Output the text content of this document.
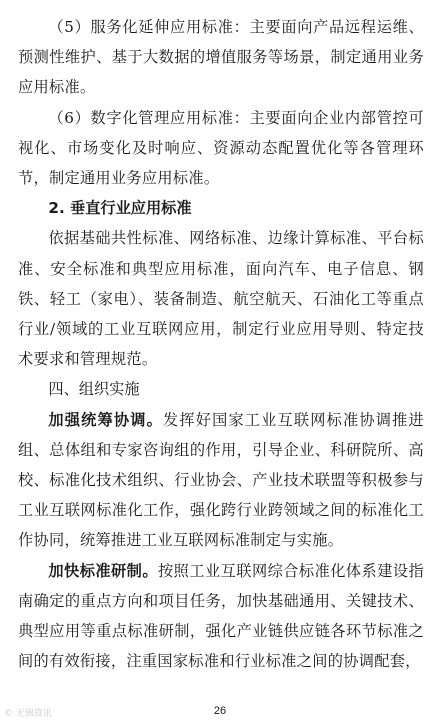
（5）服务化延伸应用标准：主要面向产品远程运维、预测性维护、基于大数据的增值服务等场景，制定通用业务应用标准。

（6）数字化管理应用标准：主要面向企业内部管控可视化、市场变化及时响应、资源动态配置优化等各管理环节，制定通用业务应用标准。

2. 垂直行业应用标准

依据基础共性标准、网络标准、边缘计算标准、平台标准、安全标准和典型应用标准，面向汽车、电子信息、钢铁、轻工（家电）、装备制造、航空航天、石油化工等重点行业/领域的工业互联网应用，制定行业应用导则、特定技术要求和管理规范。

四、组织实施

加强统筹协调。发挥好国家工业互联网标准协调推进组、总体组和专家咨询组的作用，引导企业、科研院所、高校、标准化技术组织、行业协会、产业技术联盟等积极参与工业互联网标准化工作，强化跨行业跨领域之间的标准化工作协同，统筹推进工业互联网标准制定与实施。

加快标准研制。按照工业互联网综合标准化体系建设指南确定的重点方向和项目任务，加快基础通用、关键技术、典型应用等重点标准研制，强化产业链供应链各环节标准之间的有效衔接，注重国家标准和行业标准之间的协调配套，

© 无锡资讯	26
